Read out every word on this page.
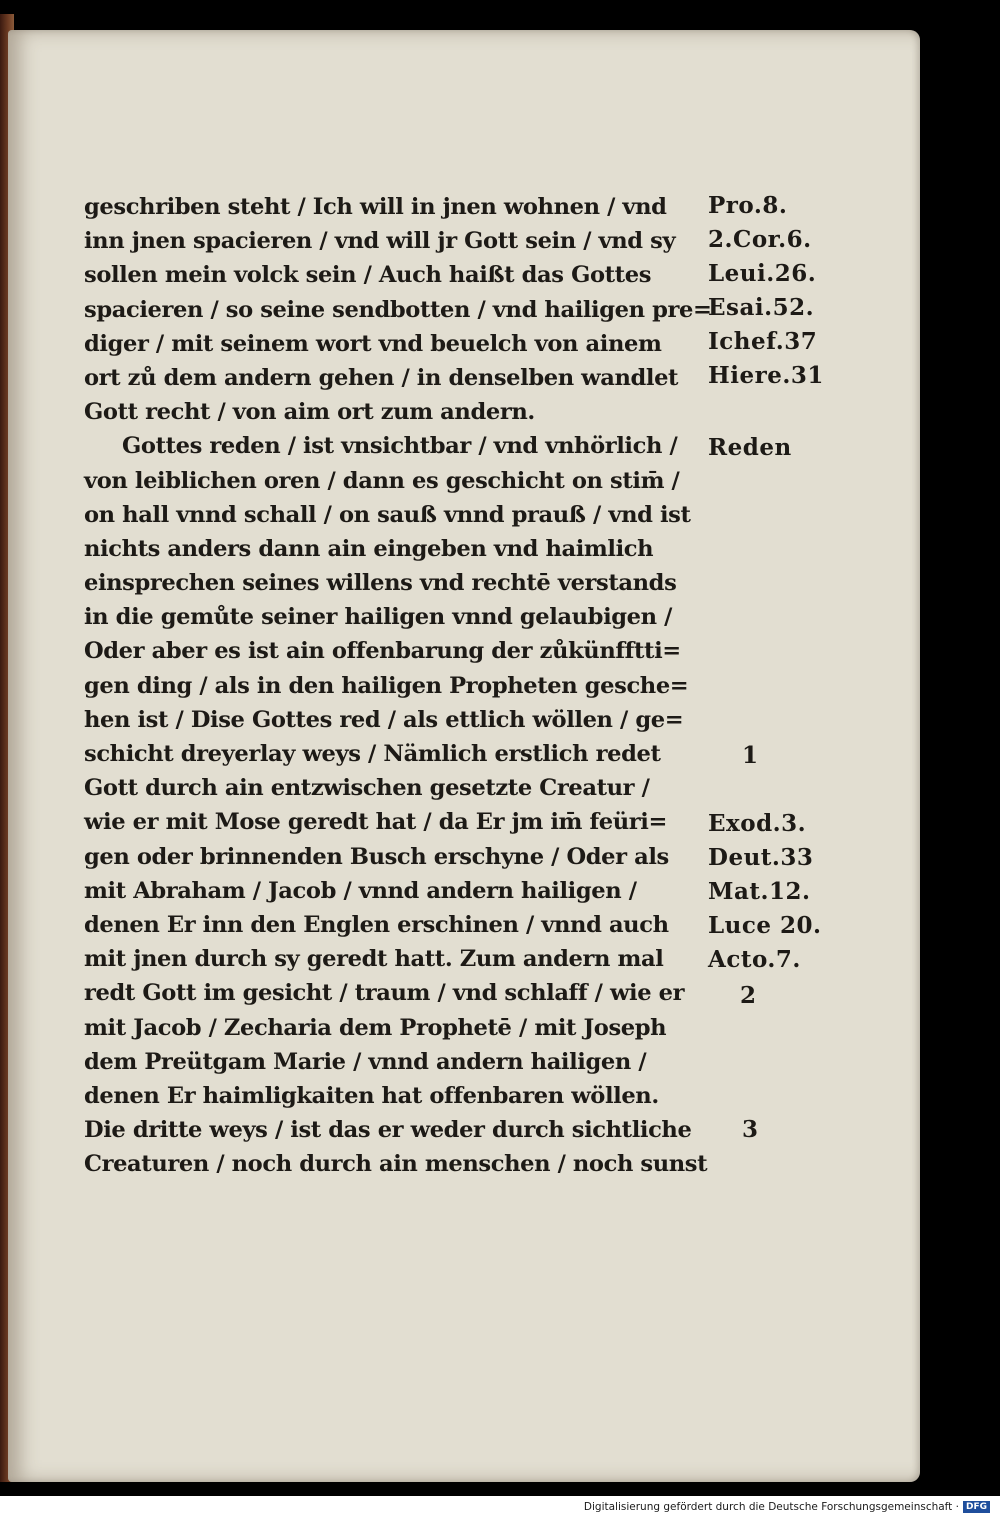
geschriben steht / Ich will in jnen wohnen / vnd
inn jnen spacieren / vnd will jr Gott sein / vnd sy
sollen mein volck sein / Auch haißt das Gottes
spacieren / so seine sendbotten / vnd hailigen pre=
diger / mit seinem wort vnd beuelch von ainem
ort zů dem andern gehen / in denselben wandlet
Gott recht / von aim ort zum andern.
Gottes reden / ist vnsichtbar / vnd vnhörlich /
von leiblichen oren / dann es geschicht on stim̄ /
on hall vnnd schall / on sauß vnnd prauß / vnd ist
nichts anders dann ain eingeben vnd haimlich
einsprechen seines willens vnd rechtē verstands
in die gemůte seiner hailigen vnnd gelaubigen /
Oder aber es ist ain offenbarung der zůkünfftti=
gen ding / als in den hailigen Propheten gesche=
hen ist / Dise Gottes red / als ettlich wöllen / ge=
schicht dreyerlay weys / Nämlich erstlich redet
Gott durch ain entzwischen gesetzte Creatur /
wie er mit Mose geredt hat / da Er jm im̄ feüri=
gen oder brinnenden Busch erschyne / Oder als
mit Abraham / Jacob / vnnd andern hailigen /
denen Er inn den Englen erschinen / vnnd auch
mit jnen durch sy geredt hatt. Zum andern mal
redt Gott im gesicht / traum / vnd schlaff / wie er
mit Jacob / Zecharia dem Prophetē / mit Joseph
dem Preütgam Marie / vnnd andern hailigen /
denen Er haimligkaiten hat offenbaren wöllen.
Die dritte weys / ist das er weder durch sichtliche
Creaturen / noch durch ain menschen / noch sunst
Pro.8.
2.Cor.6.
Leui.26.
Esai.52.
Ichef.37
Hiere.31
Reden
1
Exod.3.
Deut.33
Mat.12.
Luce 20.
Acto.7.
2
3
Digitalisierung gefördert durch die Deutsche Forschungsgemeinschaft · DFG
